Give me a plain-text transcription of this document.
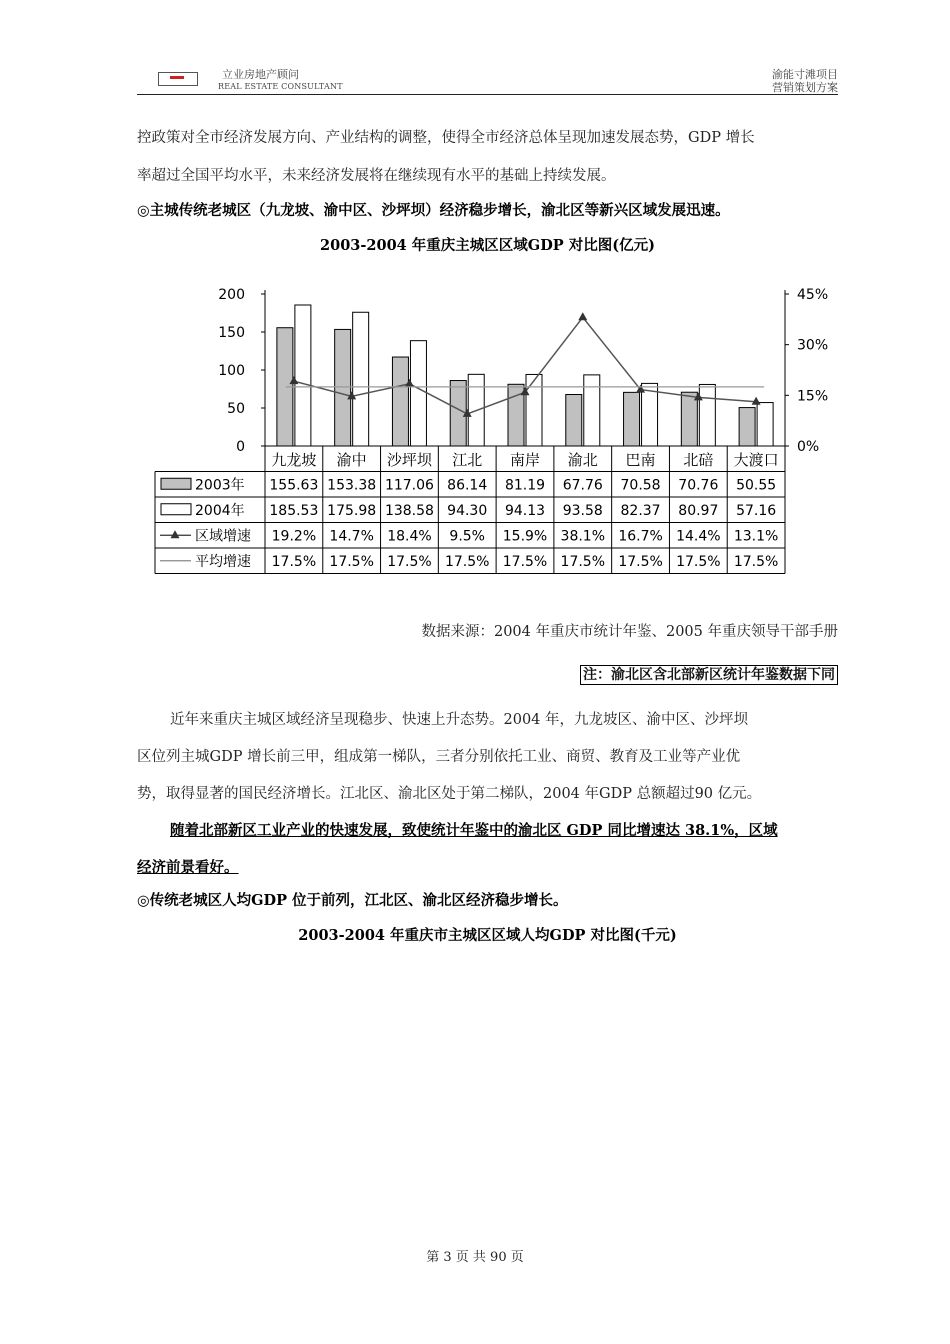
立业房地产顾问
REAL ESTATE CONSULTANT
渝能寸滩项目
营销策划方案
控政策对全市经济发展方向、产业结构的调整，使得全市经济总体呈现加速发展态势，GDP 增长
率超过全国平均水平，未来经济发展将在继续现有水平的基础上持续发展。
◎主城传统老城区（九龙坡、渝中区、沙坪坝）经济稳步增长，渝北区等新兴区域发展迅速。
2003-2004 年重庆主城区区域GDP 对比图(亿元)
0
50
100
150
200
0%
15%
30%
45%
九龙坡 渝中 沙坪坝 江北 南岸 渝北 巴南 北碚 大渡口
2003年 155.63 153.38 117.06 86.14 81.19 67.76 70.58 70.76 50.55
2004年 185.53 175.98 138.58 94.30 94.13 93.58 82.37 80.97 57.16
区域增速 19.2% 14.7% 18.4% 9.5% 15.9% 38.1% 16.7% 14.4% 13.1%
平均增速 17.5% 17.5% 17.5% 17.5% 17.5% 17.5% 17.5% 17.5% 17.5%
数据来源：2004 年重庆市统计年鉴、2005 年重庆领导干部手册
注：渝北区含北部新区统计年鉴数据下同
近年来重庆主城区域经济呈现稳步、快速上升态势。2004 年，九龙坡区、渝中区、沙坪坝
区位列主城GDP 增长前三甲，组成第一梯队，三者分别依托工业、商贸、教育及工业等产业优
势，取得显著的国民经济增长。江北区、渝北区处于第二梯队，2004 年GDP 总额超过90 亿元。
随着北部新区工业产业的快速发展，致使统计年鉴中的渝北区 GDP 同比增速达 38.1%，区域
经济前景看好。
◎传统老城区人均GDP 位于前列，江北区、渝北区经济稳步增长。
2003-2004 年重庆市主城区区域人均GDP 对比图(千元)
第 3 页 共 90 页
